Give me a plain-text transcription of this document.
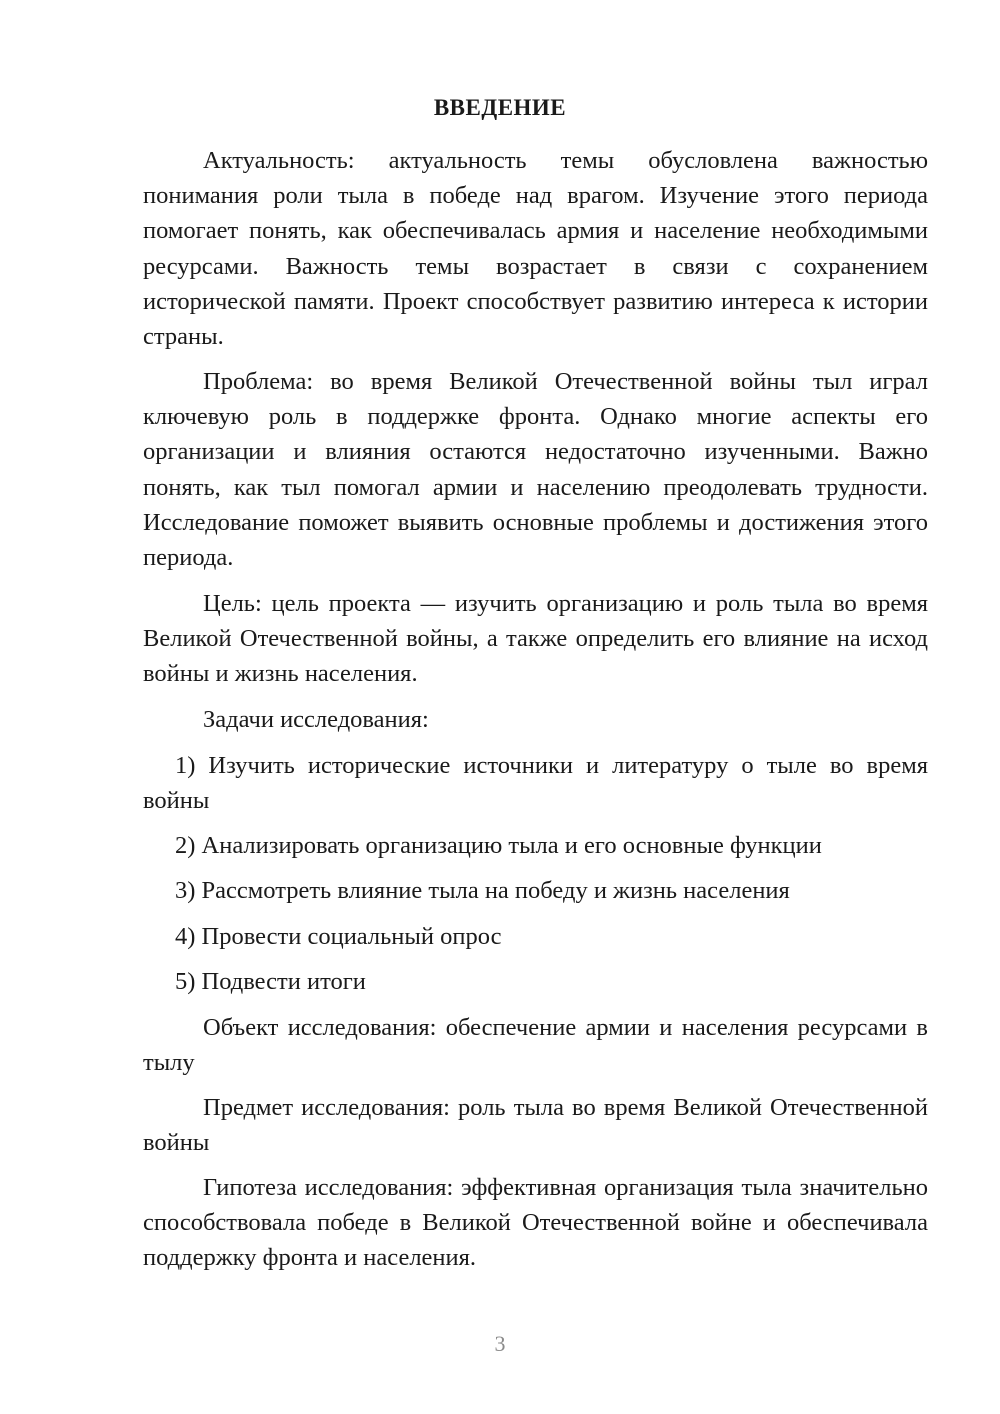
ВВЕДЕНИЕ
Актуальность: актуальность темы обусловлена важностью понимания роли тыла в победе над врагом. Изучение этого периода помогает понять, как обеспечивалась армия и население необходимыми ресурсами. Важность темы возрастает в связи с сохранением исторической памяти. Проект способствует развитию интереса к истории страны.
Проблема: во время Великой Отечественной войны тыл играл ключевую роль в поддержке фронта. Однако многие аспекты его организации и влияния остаются недостаточно изученными. Важно понять, как тыл помогал армии и населению преодолевать трудности. Исследование поможет выявить основные проблемы и достижения этого периода.
Цель: цель проекта — изучить организацию и роль тыла во время Великой Отечественной войны, а также определить его влияние на исход войны и жизнь населения.
Задачи исследования:
1) Изучить исторические источники и литературу о тыле во время войны
2) Анализировать организацию тыла и его основные функции
3) Рассмотреть влияние тыла на победу и жизнь населения
4) Провести социальный опрос
5) Подвести итоги
Объект исследования: обеспечение армии и населения ресурсами в тылу
Предмет исследования: роль тыла во время Великой Отечественной войны
Гипотеза исследования: эффективная организация тыла значительно способствовала победе в Великой Отечественной войне и обеспечивала поддержку фронта и населения.
3
